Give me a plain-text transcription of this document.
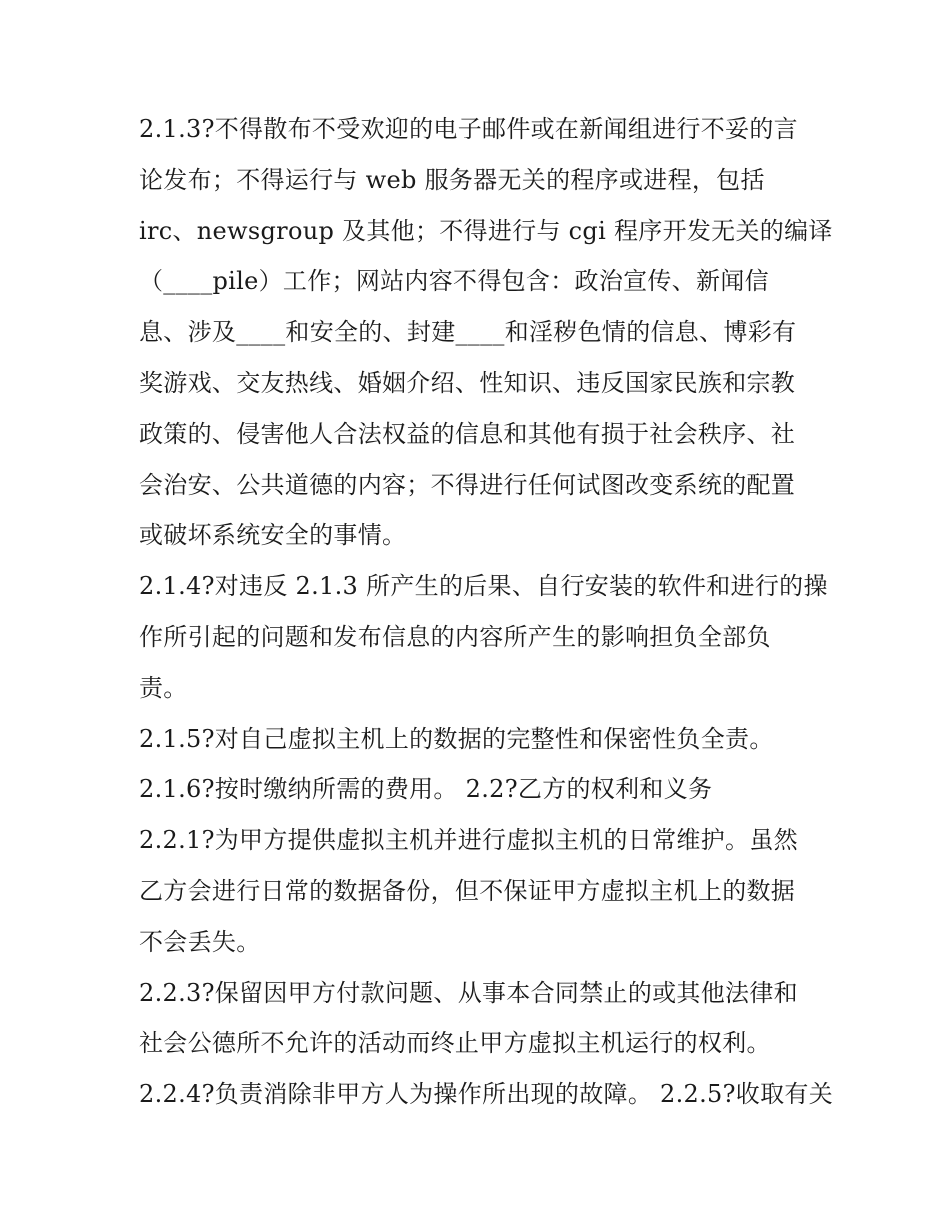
2.1.3?不得散布不受欢迎的电子邮件或在新闻组进行不妥的言
论发布；不得运行与 web 服务器无关的程序或进程，包括
irc、newsgroup 及其他；不得进行与 cgi 程序开发无关的编译
（____pile）工作；网站内容不得包含：政治宣传、新闻信
息、涉及____和安全的、封建____和淫秽色情的信息、博彩有
奖游戏、交友热线、婚姻介绍、性知识、违反国家民族和宗教
政策的、侵害他人合法权益的信息和其他有损于社会秩序、社
会治安、公共道德的内容；不得进行任何试图改变系统的配置
或破坏系统安全的事情。
2.1.4?对违反 2.1.3 所产生的后果、自行安装的软件和进行的操
作所引起的问题和发布信息的内容所产生的影响担负全部负
责。
2.1.5?对自己虚拟主机上的数据的完整性和保密性负全责。
2.1.6?按时缴纳所需的费用。 2.2?乙方的权利和义务
2.2.1?为甲方提供虚拟主机并进行虚拟主机的日常维护。虽然
乙方会进行日常的数据备份，但不保证甲方虚拟主机上的数据
不会丢失。
2.2.3?保留因甲方付款问题、从事本合同禁止的或其他法律和
社会公德所不允许的活动而终止甲方虚拟主机运行的权利。
2.2.4?负责消除非甲方人为操作所出现的故障。 2.2.5?收取有关
